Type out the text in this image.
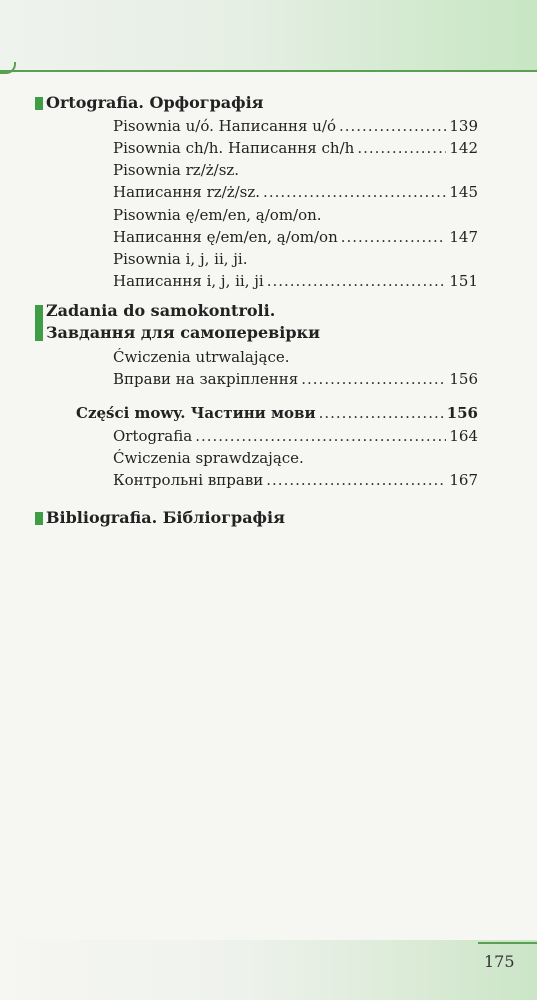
Ortografia. Орфографія
Pisownia u/ó. Написання u/ó .....	139
Pisownia ch/h. Написання ch/h .....	142
Pisownia rz/ż/sz.
Написання rz/ż/sz. .....	145
Pisownia ę/em/en, ą/om/on.
Написання ę/em/en, ą/om/on .....	147
Pisownia i, j, ii, ji.
Написання i, j, ii, ji .....	151
Zadania do samokontroli.
Завдання для самоперевірки
Ćwiczenia utrwalające.
Вправи на закріплення .....	156
Części mowy. Частини мови .....	156
Ortografia .....	164
Ćwiczenia sprawdzające.
Контрольні вправи .....	167
Bibliografia. Бібліографія
175
